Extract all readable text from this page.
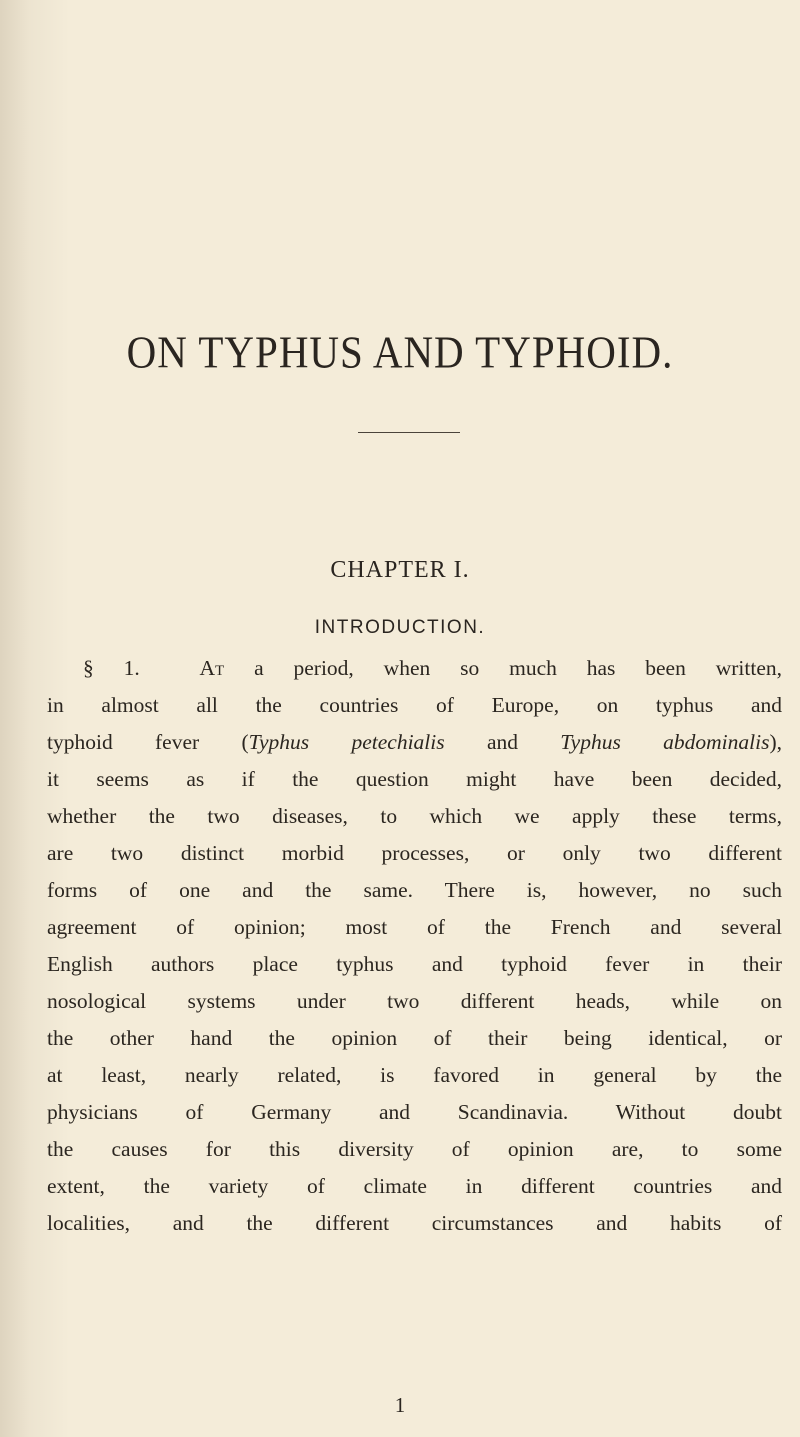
ON TYPHUS AND TYPHOID.
CHAPTER I.
INTRODUCTION.
§ 1.	At a period, when so much has been written,
in almost all the countries of Europe, on typhus and
typhoid fever (Typhus petechialis and Typhus abdominalis),
it seems as if the question might have been decided,
whether the two diseases, to which we apply these terms,
are two distinct morbid processes, or only two different
forms of one and the same. There is, however, no such
agreement of opinion; most of the French and several
English authors place typhus and typhoid fever in their
nosological systems under two different heads, while on
the other hand the opinion of their being identical, or
at least, nearly related, is favored in general by the
physicians of Germany and Scandinavia. Without doubt
the causes for this diversity of opinion are, to some
extent, the variety of climate in different countries and
localities, and the different circumstances and habits of
1
